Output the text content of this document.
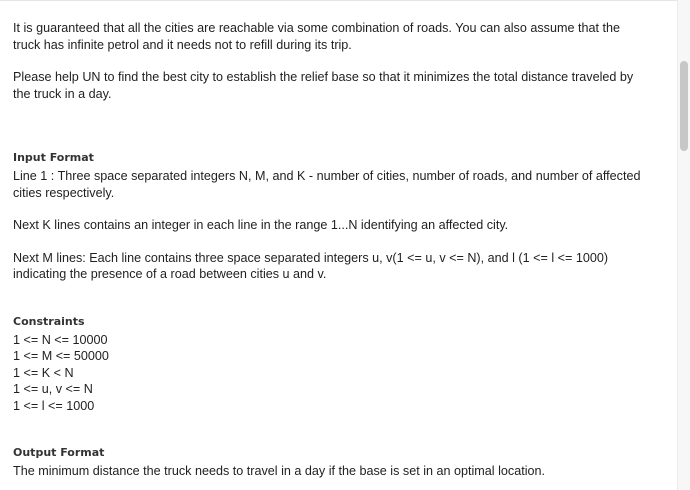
It is guaranteed that all the cities are reachable via some combination of roads. You can also assume that the
truck has infinite petrol and it needs not to refill during its trip.

Please help UN to find the best city to establish the relief base so that it minimizes the total distance traveled by
the truck in a day.

Input Format

Line 1 : Three space separated integers N, M, and K - number of cities, number of roads, and number of affected
cities respectively.

Next K lines contains an integer in each line in the range 1...N identifying an affected city.

Next M lines: Each line contains three space separated integers u, v(1 <= u, v <= N), and l (1 <= l <= 1000)
indicating the presence of a road between cities u and v.

Constraints
1 <= N <= 10000
1 <= M <= 50000
1 <= K < N
1 <= u, v <= N
1 <= l <= 1000
Output Format

The minimum distance the truck needs to travel in a day if the base is set in an optimal location.
